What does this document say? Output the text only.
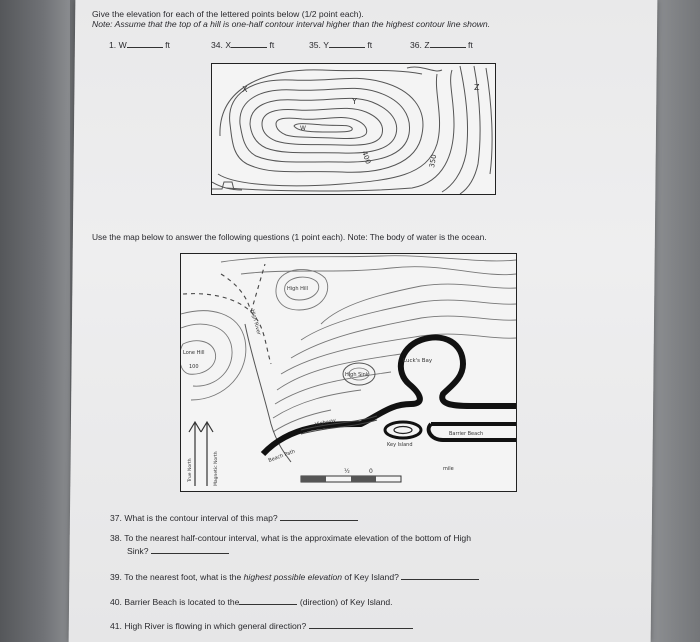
Give the elevation for each of the lettered points below (1/2 point each).
Note: Assume that the top of a hill is one-half contour interval higher than the highest contour line shown.
1. W	ft	34. X	ft	35. Y	ft	36. Z	ft
X
Y
Z
W
400	350
Use the map below to answer the following questions (1 point each). Note: The body of water is the ocean.
High Hill
Lone Hill
100
High River
High Sink
Luck's Bay
Highway
Key Island
Barrier Beach
Beach Path
True North	Magnetic North	½	0	mile
37. What is the contour interval of this map?
38. To the nearest half-contour interval, what is the approximate elevation of the bottom of High
Sink?
39. To the nearest foot, what is the highest possible elevation of Key Island?
40. Barrier Beach is located to the	(direction) of Key Island.
41. High River is flowing in which general direction?
